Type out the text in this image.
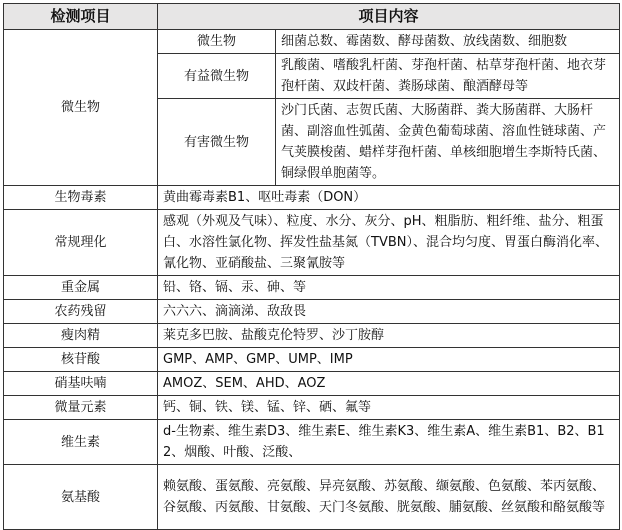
检测项目	项目内容	
微生物	微生物	细菌总数、霉菌数、酵母菌数、放线菌数、细胞数
	有益微生物	乳酸菌、嗜酸乳杆菌、芽孢杆菌、枯草芽孢杆菌、地衣芽孢杆菌、双歧杆菌、粪肠球菌、酿酒酵母等
	有害微生物	沙门氏菌、志贺氏菌、大肠菌群、粪大肠菌群、大肠杆菌、副溶血性弧菌、金黄色葡萄球菌、溶血性链球菌、产气荚膜梭菌、蜡样芽孢杆菌、单核细胞增生李斯特氏菌、铜绿假单胞菌等。
生物毒素	黄曲霉毒素B1、呕吐毒素（DON）	
常规理化	感观（外观及气味）、粒度、水分、灰分、pH、粗脂肪、粗纤维、盐分、粗蛋白、水溶性氯化物、挥发性盐基氮（TVBN）、混合均匀度、胃蛋白酶消化率、氰化物、亚硝酸盐、三聚氰胺等	
重金属	铅、铬、镉、汞、砷、等	
农药残留	六六六、滴滴涕、敌敌畏	
瘦肉精	莱克多巴胺、盐酸克伦特罗、沙丁胺醇	
核苷酸	GMP、AMP、GMP、UMP、IMP	
硝基呋喃	AMOZ、SEM、AHD、AOZ	
微量元素	钙、铜、铁、镁、锰、锌、硒、氟等	
维生素	d-生物素、维生素D3、维生素E、维生素K3、维生素A、维生素B1、B2、B12、烟酸、叶酸、泛酸、	
氨基酸	赖氨酸、蛋氨酸、亮氨酸、异亮氨酸、苏氨酸、缬氨酸、色氨酸、苯丙氨酸、谷氨酸、丙氨酸、甘氨酸、天门冬氨酸、胱氨酸、脯氨酸、丝氨酸和酪氨酸等	
